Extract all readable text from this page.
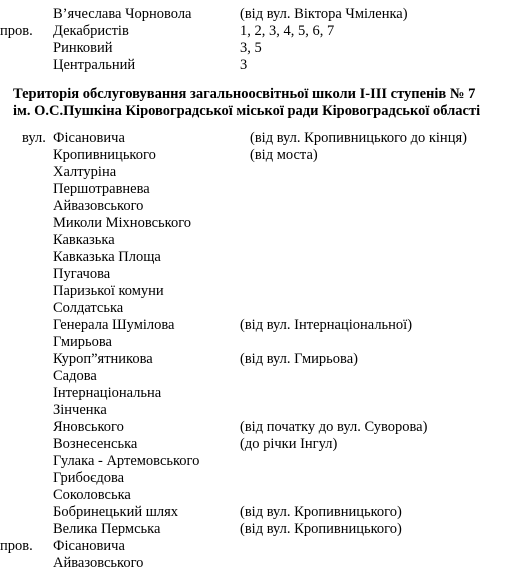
В’ячеслава Чорновола	(від вул. Віктора Чміленка)
пров. Декабристів	1, 2, 3, 4, 5, 6, 7
Ринковий	3, 5
Центральний	3
Територія обслуговування загальноосвітньої школи І-ІІІ ступенів № 7
ім. О.С.Пушкіна Кіровоградської міської ради Кіровоградської області
вул. Фісановича	(від вул. Кропивницького до кінця)
Кропивницького	(від моста)
Халтуріна
Першотравнева
Айвазовського
Миколи Міхновського
Кавказька
Кавказька Площа
Пугачова
Паризької комуни
Солдатська
Генерала Шумілова	(від вул. Інтернаціональної)
Гмирьова
Куроп”ятникова	(від вул. Гмирьова)
Садова
Інтернаціональна
Зінченка
Яновського	(від початку до вул. Суворова)
Вознесенська	(до річки Інгул)
Гулака - Артемовського
Грибоєдова
Соколовська
Бобринецький шлях	(від вул. Кропивницького)
Велика Пермська	(від вул. Кропивницького)
пров. Фісановича
Айвазовського
